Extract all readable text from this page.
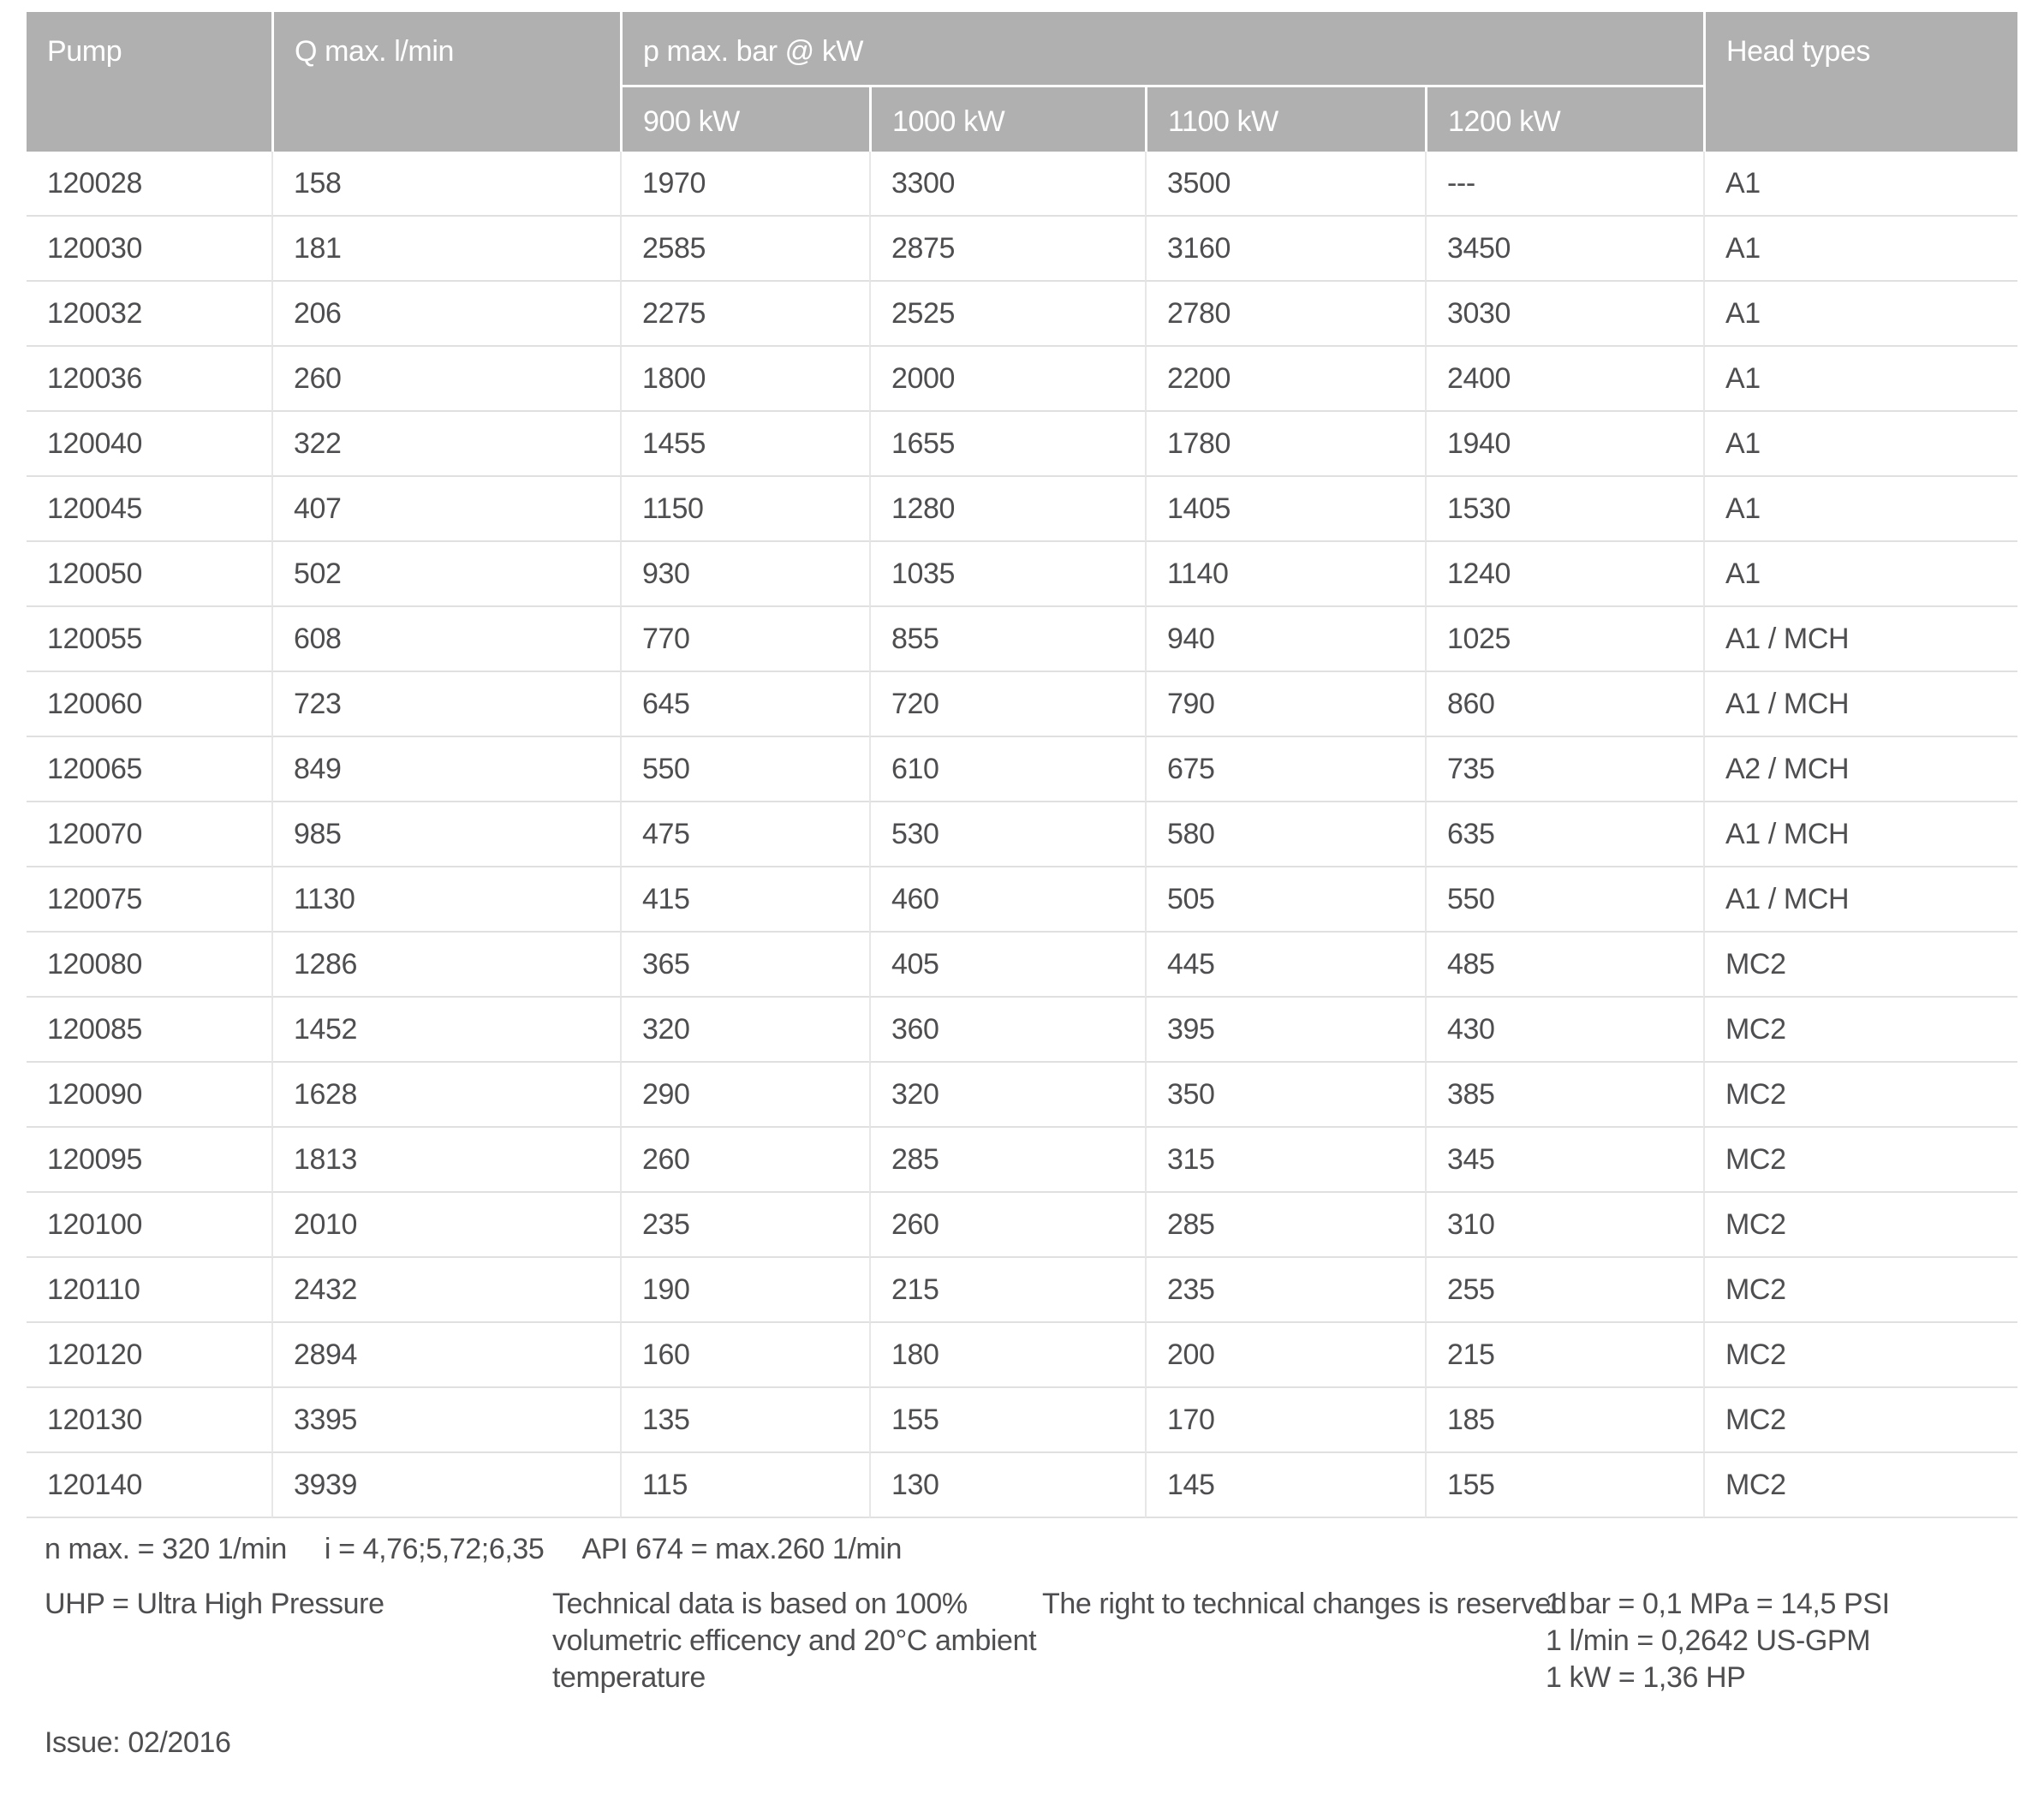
Pump	Q max. l/min	p max. bar @ kW				Head types
		900 kW	1000 kW	1100 kW	1200 kW	
120028	158	1970	3300	3500	---	A1
120030	181	2585	2875	3160	3450	A1
120032	206	2275	2525	2780	3030	A1
120036	260	1800	2000	2200	2400	A1
120040	322	1455	1655	1780	1940	A1
120045	407	1150	1280	1405	1530	A1
120050	502	930	1035	1140	1240	A1
120055	608	770	855	940	1025	A1 / MCH
120060	723	645	720	790	860	A1 / MCH
120065	849	550	610	675	735	A2 / MCH
120070	985	475	530	580	635	A1 / MCH
120075	1130	415	460	505	550	A1 / MCH
120080	1286	365	405	445	485	MC2
120085	1452	320	360	395	430	MC2
120090	1628	290	320	350	385	MC2
120095	1813	260	285	315	345	MC2
120100	2010	235	260	285	310	MC2
120110	2432	190	215	235	255	MC2
120120	2894	160	180	200	215	MC2
120130	3395	135	155	170	185	MC2
120140	3939	115	130	145	155	MC2
n max. = 320 1/min i = 4,76;5,72;6,35 API 674 = max.260 1/min
UHP = Ultra High Pressure	Technical data is based on 100%
volumetric efficency and 20°C ambient
temperature
The right to technical changes is reserved
1 bar = 0,1 MPa = 14,5 PSI
1 l/min = 0,2642 US-GPM
1 kW = 1,36 HP
Issue: 02/2016
